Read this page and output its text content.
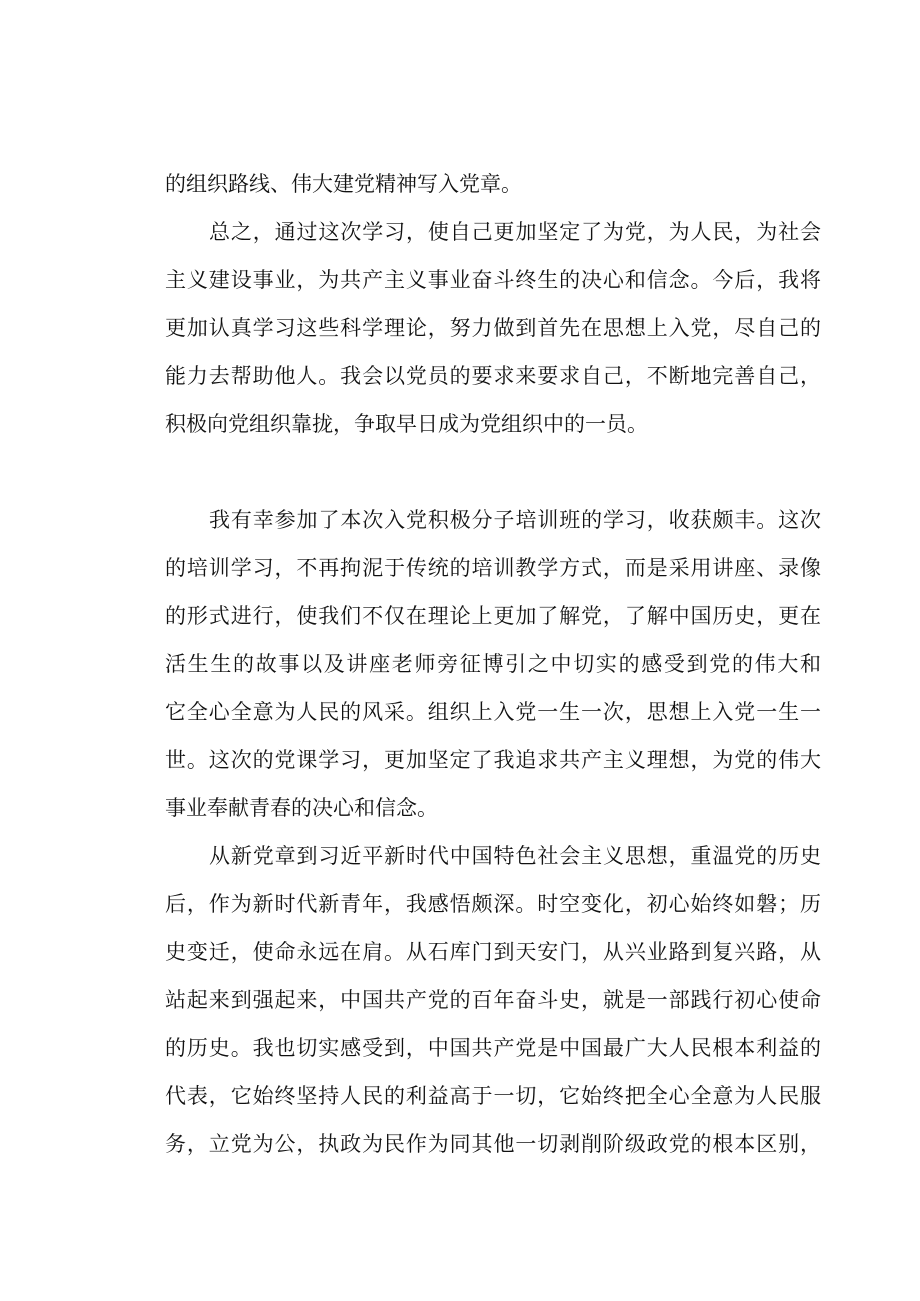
的组织路线、伟大建党精神写入党章。
总之，通过这次学习，使自己更加坚定了为党，为人民，为社会
主义建设事业，为共产主义事业奋斗终生的决心和信念。今后，我将
更加认真学习这些科学理论，努力做到首先在思想上入党，尽自己的
能力去帮助他人。我会以党员的要求来要求自己，不断地完善自己，
积极向党组织靠拢，争取早日成为党组织中的一员。
我有幸参加了本次入党积极分子培训班的学习，收获颇丰。这次
的培训学习，不再拘泥于传统的培训教学方式，而是采用讲座、录像
的形式进行，使我们不仅在理论上更加了解党，了解中国历史，更在
活生生的故事以及讲座老师旁征博引之中切实的感受到党的伟大和
它全心全意为人民的风采。组织上入党一生一次，思想上入党一生一
世。这次的党课学习，更加坚定了我追求共产主义理想，为党的伟大
事业奉献青春的决心和信念。
从新党章到习近平新时代中国特色社会主义思想，重温党的历史
后，作为新时代新青年，我感悟颇深。时空变化，初心始终如磐；历
史变迁，使命永远在肩。从石库门到天安门，从兴业路到复兴路，从
站起来到强起来，中国共产党的百年奋斗史，就是一部践行初心使命
的历史。我也切实感受到，中国共产党是中国最广大人民根本利益的
代表，它始终坚持人民的利益高于一切，它始终把全心全意为人民服
务，立党为公，执政为民作为同其他一切剥削阶级政党的根本区别，
